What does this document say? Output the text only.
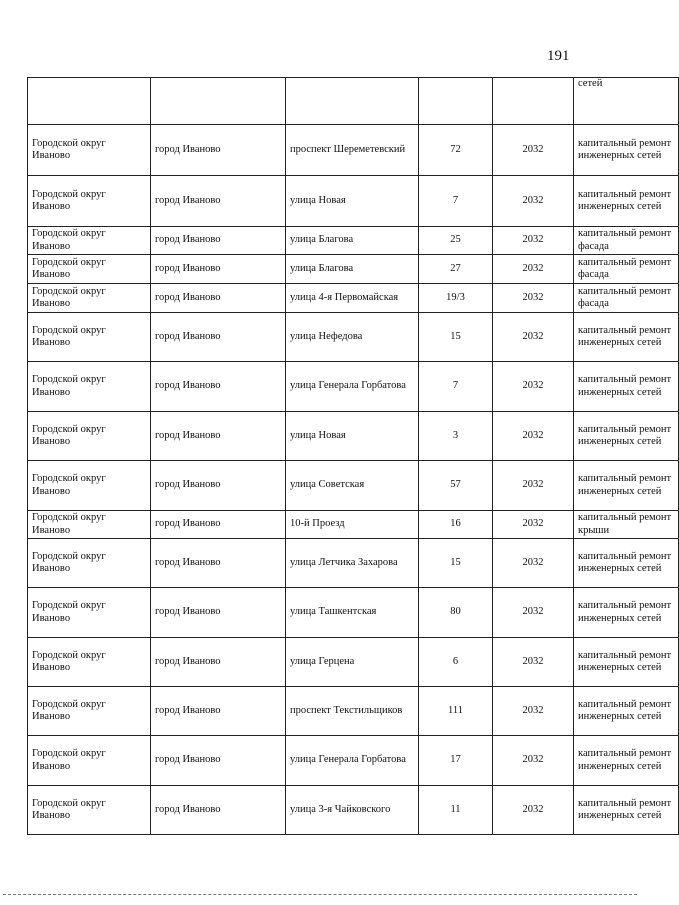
191
					сетей
Городской округ Иваново	город Иваново	проспект Шереметевский	72	2032	капитальный ремонт инженерных сетей
Городской округ Иваново	город Иваново	улица Новая	7	2032	капитальный ремонт инженерных сетей
Городской округ Иваново	город Иваново	улица Благова	25	2032	капитальный ремонт фасада
Городской округ Иваново	город Иваново	улица Благова	27	2032	капитальный ремонт фасада
Городской округ Иваново	город Иваново	улица 4-я Первомайская	19/3	2032	капитальный ремонт фасада
Городской округ Иваново	город Иваново	улица Нефедова	15	2032	капитальный ремонт инженерных сетей
Городской округ Иваново	город Иваново	улица Генерала Горбатова	7	2032	капитальный ремонт инженерных сетей
Городской округ Иваново	город Иваново	улица Новая	3	2032	капитальный ремонт инженерных сетей
Городской округ Иваново	город Иваново	улица Советская	57	2032	капитальный ремонт инженерных сетей
Городской округ Иваново	город Иваново	10-й Проезд	16	2032	капитальный ремонт крыши
Городской округ Иваново	город Иваново	улица Летчика Захарова	15	2032	капитальный ремонт инженерных сетей
Городской округ Иваново	город Иваново	улица Ташкентская	80	2032	капитальный ремонт инженерных сетей
Городской округ Иваново	город Иваново	улица Герцена	6	2032	капитальный ремонт инженерных сетей
Городской округ Иваново	город Иваново	проспект Текстильщиков	111	2032	капитальный ремонт инженерных сетей
Городской округ Иваново	город Иваново	улица Генерала Горбатова	17	2032	капитальный ремонт инженерных сетей
Городской округ Иваново	город Иваново	улица 3-я Чайковского	11	2032	капитальный ремонт инженерных сетей
